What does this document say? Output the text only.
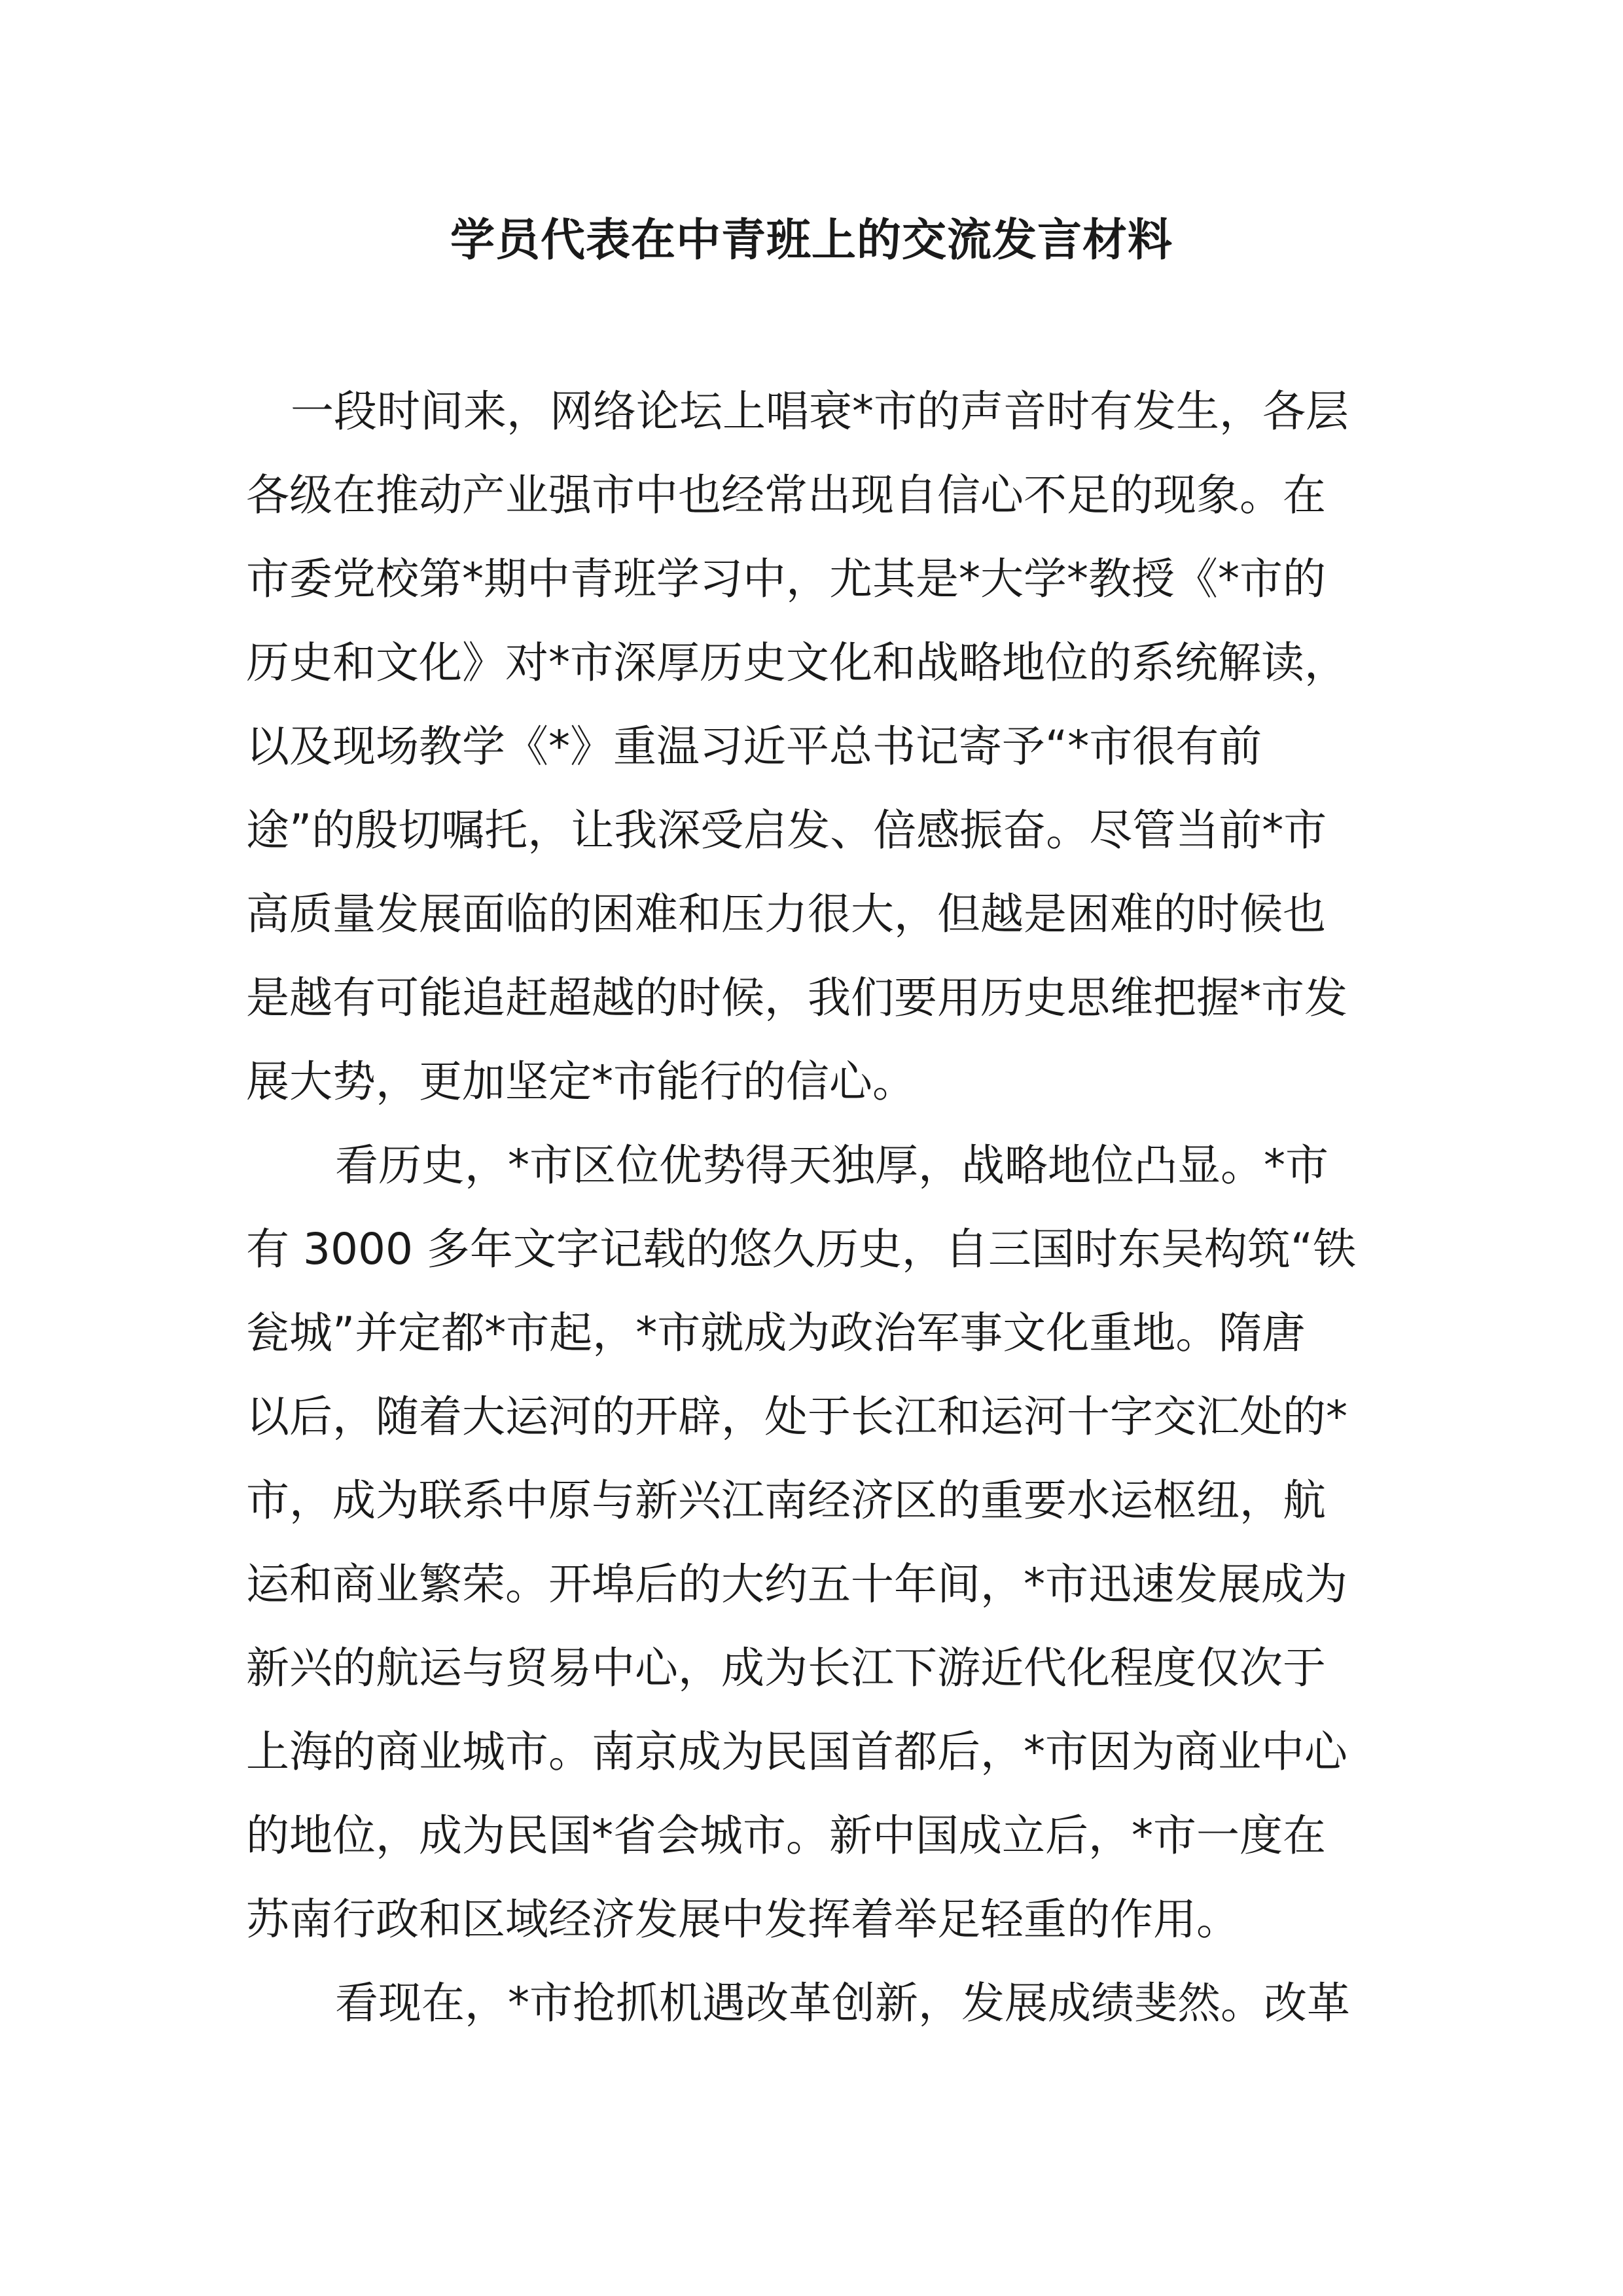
学员代表在中青班上的交流发言材料
一段时间来，网络论坛上唱衰*市的声音时有发生，各层
各级在推动产业强市中也经常出现自信心不足的现象。在
市委党校第*期中青班学习中，尤其是*大学*教授《*市的
历史和文化》对*市深厚历史文化和战略地位的系统解读，
以及现场教学《*》重温习近平总书记寄予“*市很有前
途”的殷切嘱托，让我深受启发、倍感振奋。尽管当前*市
高质量发展面临的困难和压力很大，但越是困难的时候也
是越有可能追赶超越的时候，我们要用历史思维把握*市发
展大势，更加坚定*市能行的信心。
看历史，*市区位优势得天独厚，战略地位凸显。*市
有 3000 多年文字记载的悠久历史，自三国时东吴构筑“铁
瓮城”并定都*市起，*市就成为政治军事文化重地。隋唐
以后，随着大运河的开辟，处于长江和运河十字交汇处的*
市，成为联系中原与新兴江南经济区的重要水运枢纽，航
运和商业繁荣。开埠后的大约五十年间，*市迅速发展成为
新兴的航运与贸易中心，成为长江下游近代化程度仅次于
上海的商业城市。南京成为民国首都后，*市因为商业中心
的地位，成为民国*省会城市。新中国成立后，*市一度在
苏南行政和区域经济发展中发挥着举足轻重的作用。
看现在，*市抢抓机遇改革创新，发展成绩斐然。改革
